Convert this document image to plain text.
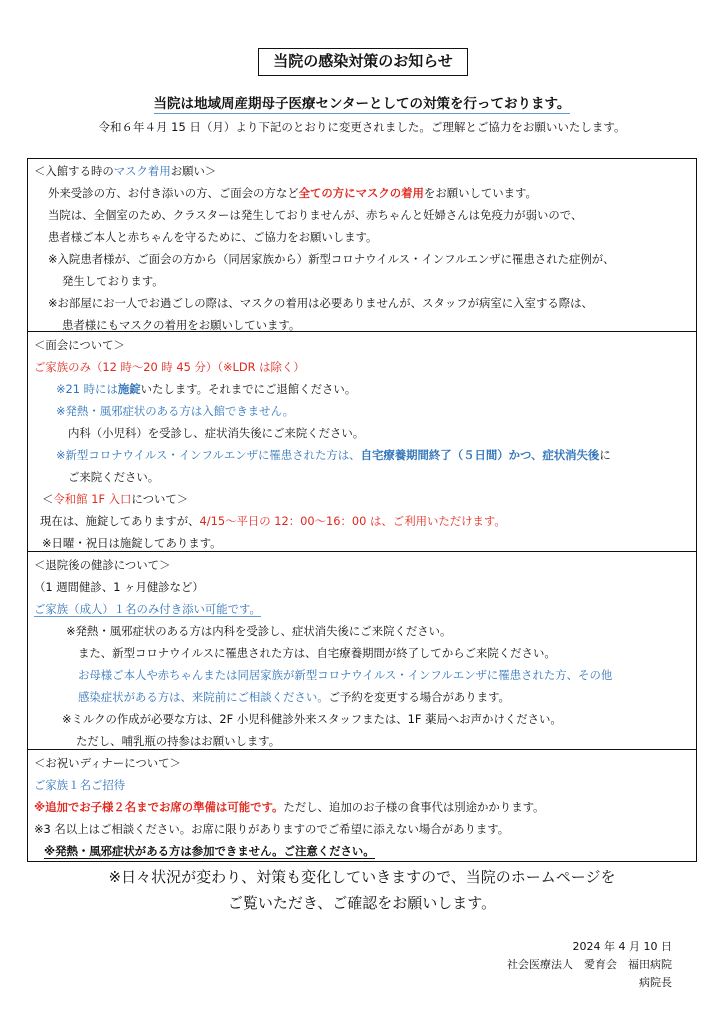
当院の感染対策のお知らせ
当院は地域周産期母子医療センターとしての対策を行っております。
令和６年４月 15 日（月）より下記のとおりに変更されました。ご理解とご協力をお願いいたします。
＜入館する時のマスク着用お願い＞
外来受診の方、お付き添いの方、ご面会の方など全ての方にマスクの着用をお願いしています。
当院は、全個室のため、クラスターは発生しておりませんが、赤ちゃんと妊婦さんは免疫力が弱いので、
患者様ご本人と赤ちゃんを守るために、ご協力をお願いします。
※入院患者様が、ご面会の方から（同居家族から）新型コロナウイルス・インフルエンザに罹患された症例が、
発生しております。
※お部屋にお一人でお過ごしの際は、マスクの着用は必要ありませんが、スタッフが病室に入室する際は、
患者様にもマスクの着用をお願いしています。
＜面会について＞
ご家族のみ（12 時～20 時 45 分）（※LDR は除く）
※21 時には施錠いたします。それまでにご退館ください。
※発熱・風邪症状のある方は入館できません。
内科（小児科）を受診し、症状消失後にご来院ください。
※新型コロナウイルス・インフルエンザに罹患された方は、自宅療養期間終了（５日間）かつ、症状消失後に
ご来院ください。
＜令和館 1F 入口について＞
現在は、施錠してありますが、4/15～平日の 12：00～16：00 は、ご利用いただけます。
※日曜・祝日は施錠してあります。
＜退院後の健診について＞
（1 週間健診、1 ヶ月健診など）
ご家族（成人）１名のみ付き添い可能です。
※発熱・風邪症状のある方は内科を受診し、症状消失後にご来院ください。
また、新型コロナウイルスに罹患された方は、自宅療養期間が終了してからご来院ください。
お母様ご本人や赤ちゃんまたは同居家族が新型コロナウイルス・インフルエンザに罹患された方、その他
感染症状がある方は、来院前にご相談ください。ご予約を変更する場合があります。
※ミルクの作成が必要な方は、2F 小児科健診外来スタッフまたは、1F 薬局へお声かけください。
ただし、哺乳瓶の持参はお願いします。
＜お祝いディナーについて＞
ご家族１名ご招待
※追加でお子様２名までお席の準備は可能です。ただし、追加のお子様の食事代は別途かかります。
※3 名以上はご相談ください。お席に限りがありますのでご希望に添えない場合があります。
※発熱・風邪症状がある方は参加できません。ご注意ください。
※日々状況が変わり、対策も変化していきますので、当院のホームページを
ご覧いただき、ご確認をお願いします。
2024 年 4 月 10 日
社会医療法人　愛育会　福田病院
病院長
